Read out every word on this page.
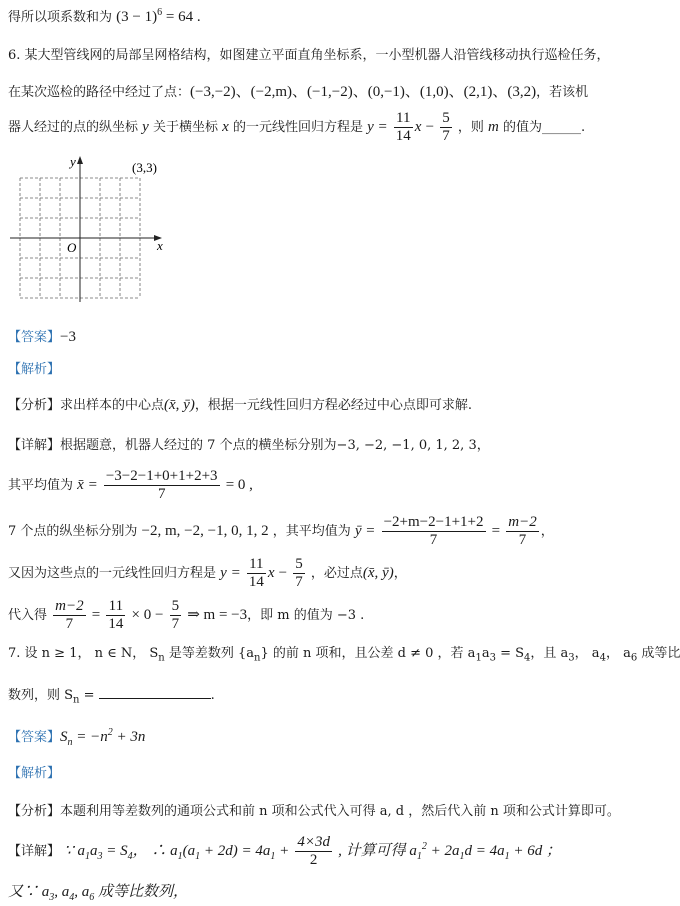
得所以项系数和为 $(3 - 1)^6 = 64$ .
6. 某大型管线网的局部呈网格结构，如图建立平面直角坐标系，一小型机器人沿管线移动执行巡检任务，
在某次巡检的路径中经过了点：(−3,−2)、(−2,m)、(−1,−2)、(0,−1)、(1,0)、(2,1)、(3,2)，若该机
器人经过的点的纵坐标 y 关于横坐标 x 的一元线性回归方程是 $y = \frac{11}{14}$ $x - \frac{5}{7}$ ，则 m 的值为______.
x
y
O
(3,3)
【答案】−3
【解析】
【分析】求出样本的中心点(x̄, ȳ)，根据一元线性回归方程必经过中心点即可求解.
【详解】根据题意，机器人经过的 7 个点的横坐标分别为−3, −2, −1, 0, 1, 2, 3，
其平均值为 x̄ = $\frac{-3-2-1+0+1+2+3}{7} = 0$ ,
7 个点的纵坐标分别为 −2, m, −2, −1, 0, 1, 2 ，其平均值为 ȳ = $\frac{-2+m-2-1+1+2}{7} = \frac{m-2}{7}$ ，
又因为这些点的一元线性回归方程是 $y = \frac{11}{14}$ $x - \frac{5}{7}$ ，必过点(x̄, ȳ)，
代入得 $\frac{m-2}{7} = \frac{11}{14} \times 0 - \frac{5}{7}$ ⇒ m = −3，即 m 的值为 −3 .
7. 设 n ≥ 1， n ∈ N， $S_n$ 是等差数列 $\{a_n\}$ 的前 n 项和，且公差 d ≠ 0 ，若 $a_1a_3 = S_4$，且 $a_3$， $a_4$， $a_6$ 成等比
数列，则 $S_n$ =	.
【答案】$S_n = -n^2 + 3n$
【解析】
【分析】本题利用等差数列的通项公式和前 n 项和公式代入可得 a, d ，然后代入前 n 项和公式计算即可。
【详解】 ∵ $a_1a_3 = S_4$， ∴ $a_1(a_1 + 2d) = 4a_1 + \frac{4\times 3d}{2}$ , 计算可得 $a_1^2 + 2a_1d = 4a_1 + 6d$ ；
又∵ $a_3$, $a_4$, $a_6$ 成等比数列，
